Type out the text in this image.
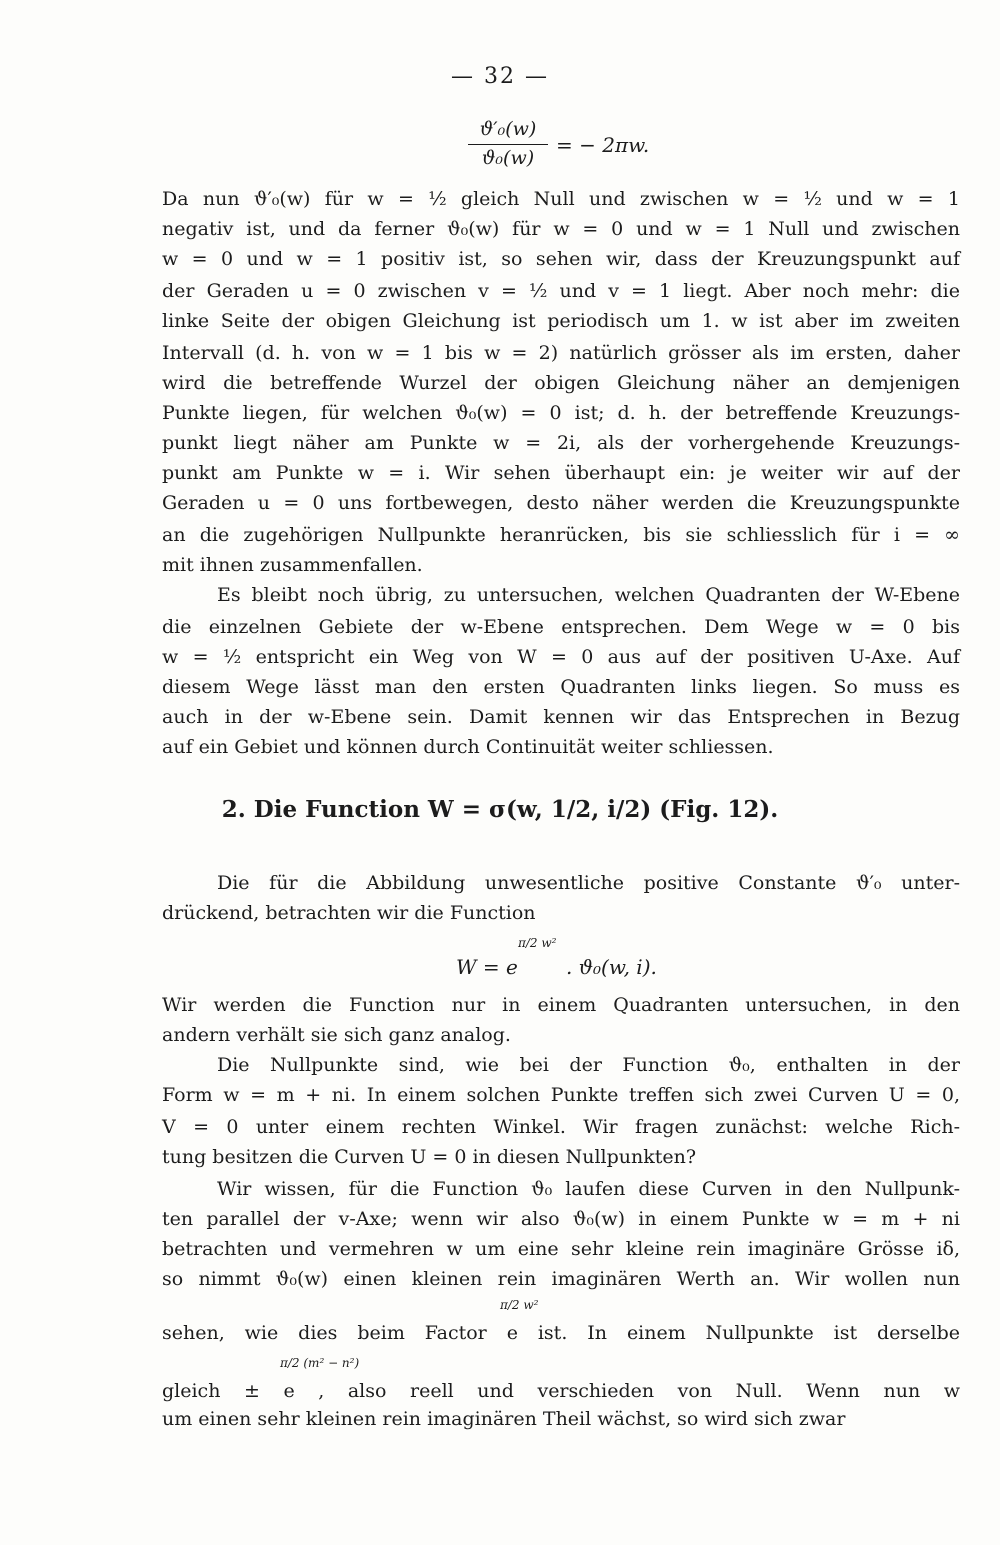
— 32 —
ϑ′₀(w)
ϑ₀(w)
= − 2πw.
Da nun ϑ′₀(w) für w = ½ gleich Null und zwischen w = ½ und w = 1
negativ ist, und da ferner ϑ₀(w) für w = 0 und w = 1 Null und zwischen
w = 0 und w = 1 positiv ist, so sehen wir, dass der Kreuzungspunkt auf
der Geraden u = 0 zwischen v = ½ und v = 1 liegt. Aber noch mehr: die
linke Seite der obigen Gleichung ist periodisch um 1. w ist aber im zweiten
Intervall (d. h. von w = 1 bis w = 2) natürlich grösser als im ersten, daher
wird die betreffende Wurzel der obigen Gleichung näher an demjenigen
Punkte liegen, für welchen ϑ₀(w) = 0 ist; d. h. der betreffende Kreuzungs-
punkt liegt näher am Punkte w = 2i, als der vorhergehende Kreuzungs-
punkt am Punkte w = i. Wir sehen überhaupt ein: je weiter wir auf der
Geraden u = 0 uns fortbewegen, desto näher werden die Kreuzungspunkte
an die zugehörigen Nullpunkte heranrücken, bis sie schliesslich für i = ∞
mit ihnen zusammenfallen.
Es bleibt noch übrig, zu untersuchen, welchen Quadranten der W-Ebene
die einzelnen Gebiete der w-Ebene entsprechen. Dem Wege w = 0 bis
w = ½ entspricht ein Weg von W = 0 aus auf der positiven U-Axe. Auf
diesem Wege lässt man den ersten Quadranten links liegen. So muss es
auch in der w-Ebene sein. Damit kennen wir das Entsprechen in Bezug
auf ein Gebiet und können durch Continuität weiter schliessen.
2. Die Function W = σ(w, 1/2, i/2) (Fig. 12).
Die für die Abbildung unwesentliche positive Constante ϑ′₀ unter-
drückend, betrachten wir die Function
W = e
π/2 w²
. ϑ₀(w, i).
Wir werden die Function nur in einem Quadranten untersuchen, in den
andern verhält sie sich ganz analog.
Die Nullpunkte sind, wie bei der Function ϑ₀, enthalten in der
Form w = m + ni. In einem solchen Punkte treffen sich zwei Curven U = 0,
V = 0 unter einem rechten Winkel. Wir fragen zunächst: welche Rich-
tung besitzen die Curven U = 0 in diesen Nullpunkten?
Wir wissen, für die Function ϑ₀ laufen diese Curven in den Nullpunk-
ten parallel der v-Axe; wenn wir also ϑ₀(w) in einem Punkte w = m + ni
betrachten und vermehren w um eine sehr kleine rein imaginäre Grösse iδ,
so nimmt ϑ₀(w) einen kleinen rein imaginären Werth an. Wir wollen nun
sehen, wie dies beim Factor e ist. In einem Nullpunkte ist derselbe
π/2 w²
gleich ± e , also reell und verschieden von Null. Wenn nun w
π/2 (m² − n²)
um einen sehr kleinen rein imaginären Theil wächst, so wird sich zwar
